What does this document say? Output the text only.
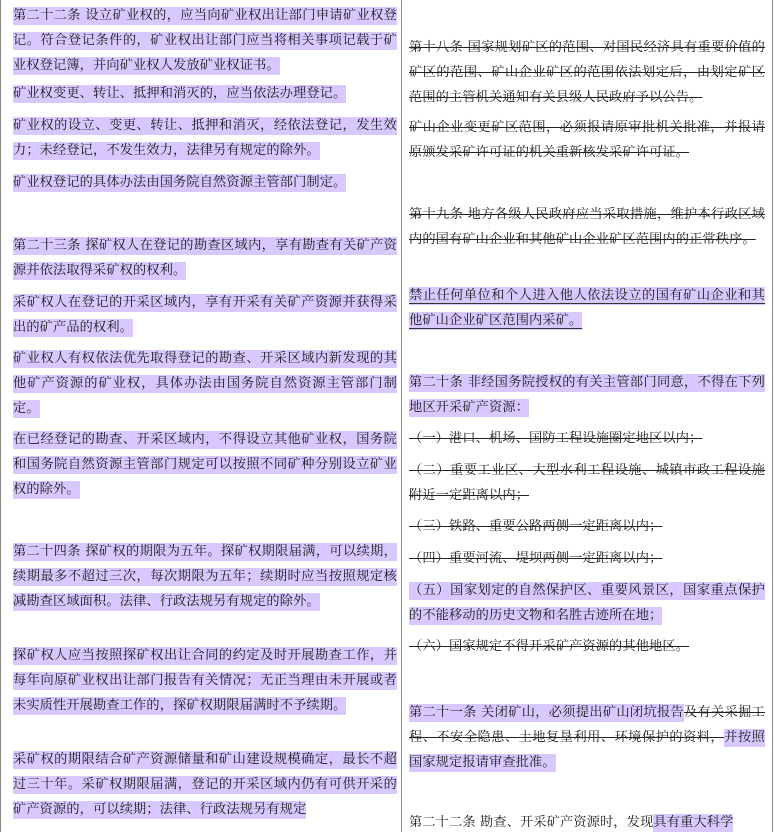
第二十二条 设立矿业权的，应当向矿业权出让部门申请矿业权登记。符合登记条件的，矿业权出让部门应当将相关事项记载于矿业权登记簿，并向矿业权人发放矿业权证书。

矿业权变更、转让、抵押和消灭的，应当依法办理登记。

矿业权的设立、变更、转让、抵押和消灭，经依法登记，发生效力；未经登记，不发生效力，法律另有规定的除外。

矿业权登记的具体办法由国务院自然资源主管部门制定。

第二十三条 探矿权人在登记的勘查区域内，享有勘查有关矿产资源并依法取得采矿权的权利。

采矿权人在登记的开采区域内，享有开采有关矿产资源并获得采出的矿产品的权利。

矿业权人有权依法优先取得登记的勘查、开采区域内新发现的其他矿产资源的矿业权，具体办法由国务院自然资源主管部门制定。

在已经登记的勘查、开采区域内，不得设立其他矿业权，国务院和国务院自然资源主管部门规定可以按照不同矿种分别设立矿业权的除外。

第二十四条 探矿权的期限为五年。探矿权期限届满，可以续期，续期最多不超过三次，每次期限为五年；续期时应当按照规定核减勘查区域面积。法律、行政法规另有规定的除外。

探矿权人应当按照探矿权出让合同的约定及时开展勘查工作，并每年向原矿业权出让部门报告有关情况；无正当理由未开展或者未实质性开展勘查工作的，探矿权期限届满时不予续期。

采矿权的期限结合矿产资源储量和矿山建设规模确定，最长不超过三十年。采矿权期限届满，登记的开采区域内仍有可供开采的矿产资源的，可以续期；法律、行政法规另有规定

第十八条 国家规划矿区的范围、对国民经济具有重要价值的矿区的范围、矿山企业矿区的范围依法划定后，由划定矿区范围的主管机关通知有关县级人民政府予以公告。

矿山企业变更矿区范围，必须报请原审批机关批准，并报请原颁发采矿许可证的机关重新核发采矿许可证。

第十九条 地方各级人民政府应当采取措施，维护本行政区域内的国有矿山企业和其他矿山企业矿区范围内的正常秩序。

禁止任何单位和个人进入他人依法设立的国有矿山企业和其他矿山企业矿区范围内采矿。

第二十条 非经国务院授权的有关主管部门同意，不得在下列地区开采矿产资源：

（一）港口、机场、国防工程设施圈定地区以内；

（二）重要工业区、大型水利工程设施、城镇市政工程设施附近一定距离以内；

（三）铁路、重要公路两侧一定距离以内；

（四）重要河流、堤坝两侧一定距离以内；

（五）国家划定的自然保护区、重要风景区，国家重点保护的不能移动的历史文物和名胜古迹所在地；

（六）国家规定不得开采矿产资源的其他地区。

第二十一条 关闭矿山，必须提出矿山闭坑报告及有关采掘工程、不安全隐患、土地复垦利用、环境保护的资料，并按照国家规定报请审查批准。

第二十二条 勘查、开采矿产资源时，发现具有重大科学
